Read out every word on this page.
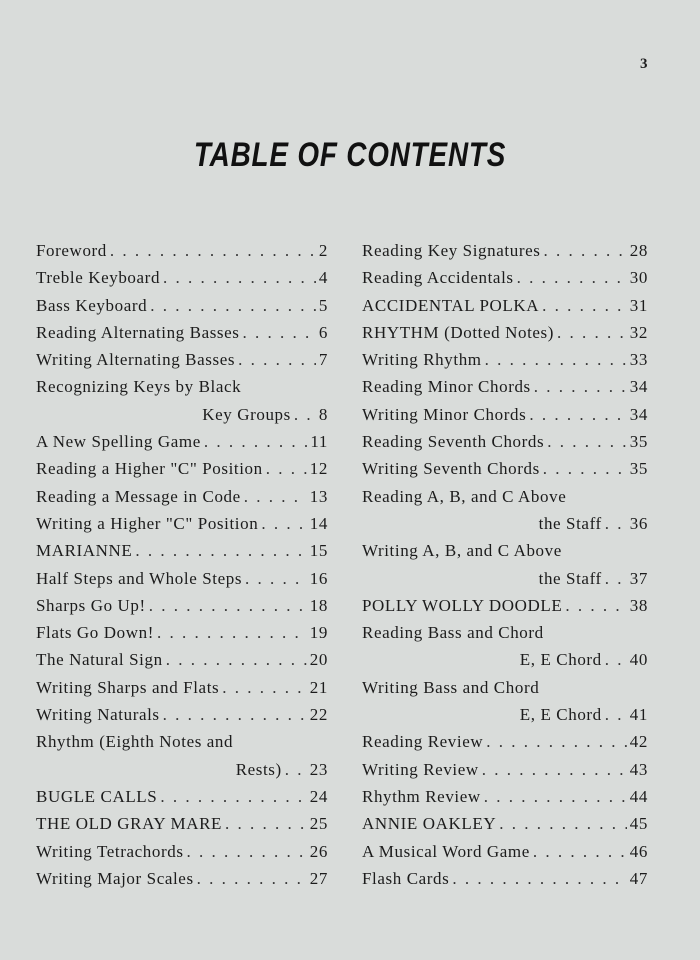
3
TABLE OF CONTENTS
Foreword . . .	2
Treble Keyboard . . .	4
Bass Keyboard . . .	5
Reading Alternating Basses . . .	6
Writing Alternating Basses . . .	7
Recognizing Keys by Black
Key Groups . . . 8
A New Spelling Game . . .	11
Reading a Higher "C" Position . . .	12
Reading a Message in Code . . .	13
Writing a Higher "C" Position . . .	14
MARIANNE . . .	15
Half Steps and Whole Steps . . .	16
Sharps Go Up! . . .	18
Flats Go Down! . . .	19
The Natural Sign . . .	20
Writing Sharps and Flats . . .	21
Writing Naturals . . .	22
Rhythm (Eighth Notes and
Rests) . . . 23
BUGLE CALLS . . .	24
THE OLD GRAY MARE . . .	25
Writing Tetrachords . . .	26
Writing Major Scales . . .	27
Reading Key Signatures . . .	28
Reading Accidentals . . .	30
ACCIDENTAL POLKA . . .	31
RHYTHM (Dotted Notes) . . .	32
Writing Rhythm . . .	33
Reading Minor Chords . . .	34
Writing Minor Chords . . .	34
Reading Seventh Chords . . .	35
Writing Seventh Chords . . .	35
Reading A, B, and C Above
the Staff . . . 36
Writing A, B, and C Above
the Staff . . . 37
POLLY WOLLY DOODLE . . .	38
Reading Bass and Chord
E, E Chord . . . 40
Writing Bass and Chord
E, E Chord . . . 41
Reading Review . . .	42
Writing Review . . .	43
Rhythm Review . . .	44
ANNIE OAKLEY . . .	45
A Musical Word Game . . .	46
Flash Cards . . .	47
